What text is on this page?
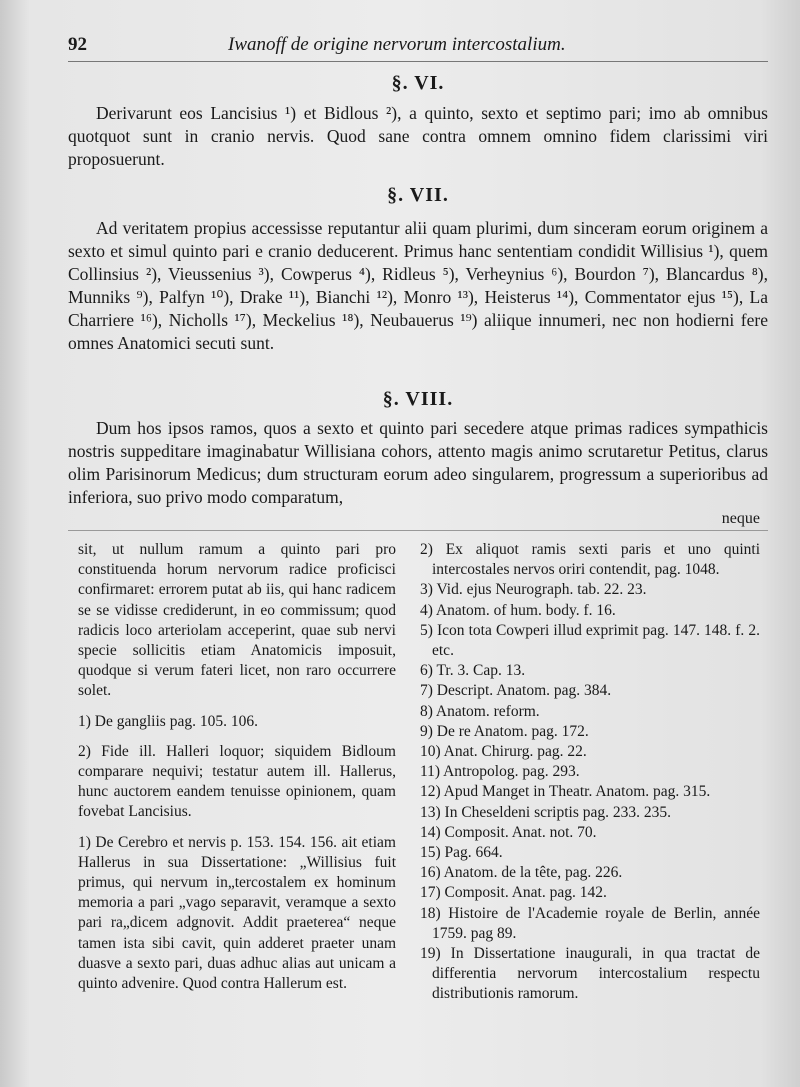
92	Iwanoff de origine nervorum intercostalium.
§. VI.

Derivarunt eos Lancisius ¹) et Bidlous ²), a quinto, sexto et septimo pari; imo ab omnibus quotquot sunt in cranio nervis. Quod sane contra omnem omnino fidem clarissimi viri proposuerunt.

§. VII.

Ad veritatem propius accessisse reputantur alii quam plurimi, dum sinceram eorum originem a sexto et simul quinto pari e cranio deducerent. Primus hanc sententiam condidit Willisius ¹), quem Collinsius ²), Vieussenius ³), Cowperus ⁴), Ridleus ⁵), Verheynius ⁶), Bourdon ⁷), Blancardus ⁸), Munniks ⁹), Palfyn ¹⁰), Drake ¹¹), Bianchi ¹²), Monro ¹³), Heisterus ¹⁴), Commentator ejus ¹⁵), La Charriere ¹⁶), Nicholls ¹⁷), Meckelius ¹⁸), Neubauerus ¹⁹) aliique innumeri, nec non hodierni fere omnes Anatomici secuti sunt.

§. VIII.

Dum hos ipsos ramos, quos a sexto et quinto pari secedere atque primas radices sympathicis nostris suppeditare imaginabatur Willisiana cohors, attento magis animo scrutaretur Petitus, clarus olim Parisinorum Medicus; dum structuram eorum adeo singularem, progressum a superioribus ad inferiora, suo privo modo comparatum,

neque

sit, ut nullum ramum a quinto pari pro constituenda horum nervorum radice proficisci confirmaret: errorem putat ab iis, qui hanc radicem se se vidisse crediderunt, in eo commissum; quod radicis loco arteriolam acceperint, quae sub nervi specie sollicitis etiam Anatomicis imposuit, quodque si verum fateri licet, non raro occurrere solet.

1) De gangliis pag. 105. 106.

2) Fide ill. Halleri loquor; siquidem Bidloum comparare nequivi; testatur autem ill. Hallerus, hunc auctorem eandem tenuisse opinionem, quam fovebat Lancisius.

1) De Cerebro et nervis p. 153. 154. 156. ait etiam Hallerus in sua Dissertatione: „Willisius fuit primus, qui nervum in„tercostalem ex hominum memoria a pari „vago separavit, veramque a sexto pari ra„dicem adgnovit. Addit praeterea“ neque tamen ista sibi cavit, quin adderet praeter unam duasve a sexto pari, duas adhuc alias aut unicam a quinto advenire. Quod contra Hallerum est.

2) Ex aliquot ramis sexti paris et uno quinti intercostales nervos oriri contendit, pag. 1048.

3) Vid. ejus Neurograph. tab. 22. 23.

4) Anatom. of hum. body. f. 16.

5) Icon tota Cowperi illud exprimit pag. 147. 148. f. 2. etc.

6) Tr. 3. Cap. 13.

7) Descript. Anatom. pag. 384.

8) Anatom. reform.

9) De re Anatom. pag. 172.

10) Anat. Chirurg. pag. 22.

11) Antropolog. pag. 293.

12) Apud Manget in Theatr. Anatom. pag. 315.

13) In Cheseldeni scriptis pag. 233. 235.

14) Composit. Anat. not. 70.

15) Pag. 664.

16) Anatom. de la tête, pag. 226.

17) Composit. Anat. pag. 142.

18) Histoire de l'Academie royale de Berlin, année 1759. pag 89.

19) In Dissertatione inaugurali, in qua tractat de differentia nervorum intercostalium respectu distributionis ramorum.
